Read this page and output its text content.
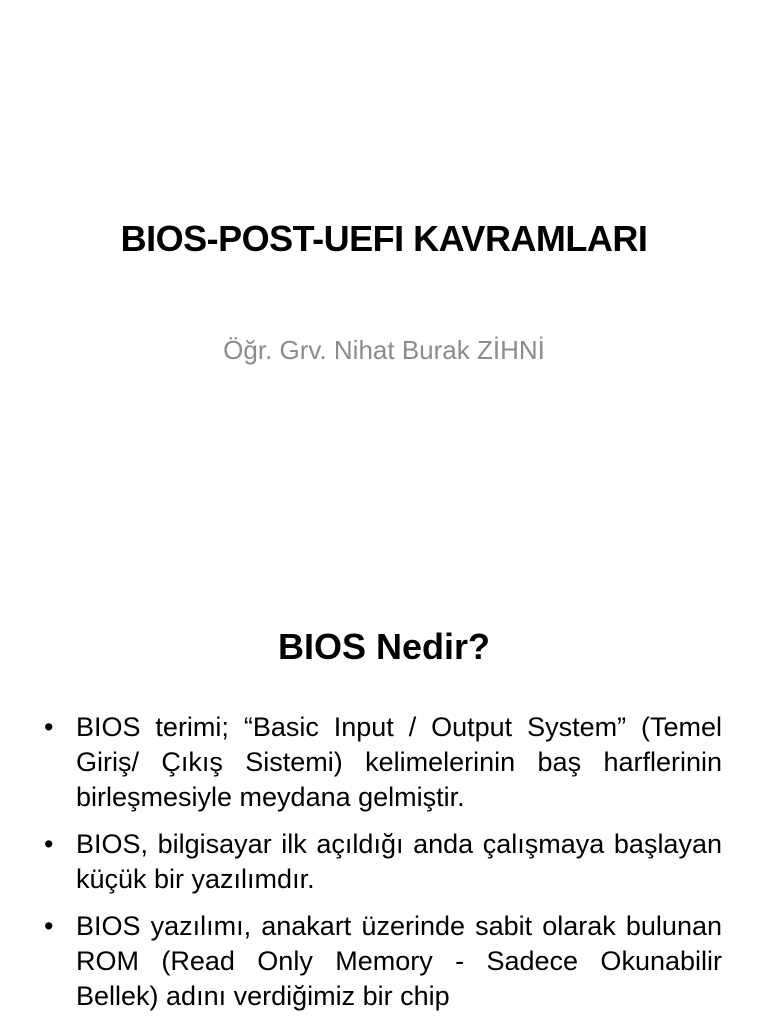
BIOS-POST-UEFI KAVRAMLARI

Öğr. Grv. Nihat Burak ZİHNİ

BIOS Nedir?
• BIOS terimi; “Basic Input / Output System” (Temel Giriş/ Çıkış Sistemi) kelimelerinin baş harflerinin birleşmesiyle meydana gelmiştir.
• BIOS, bilgisayar ilk açıldığı anda çalışmaya başlayan küçük bir yazılımdır.
• BIOS yazılımı, anakart üzerinde sabit olarak bulunan ROM (Read Only Memory - Sadece Okunabilir Bellek) adını verdiğimiz bir chip
